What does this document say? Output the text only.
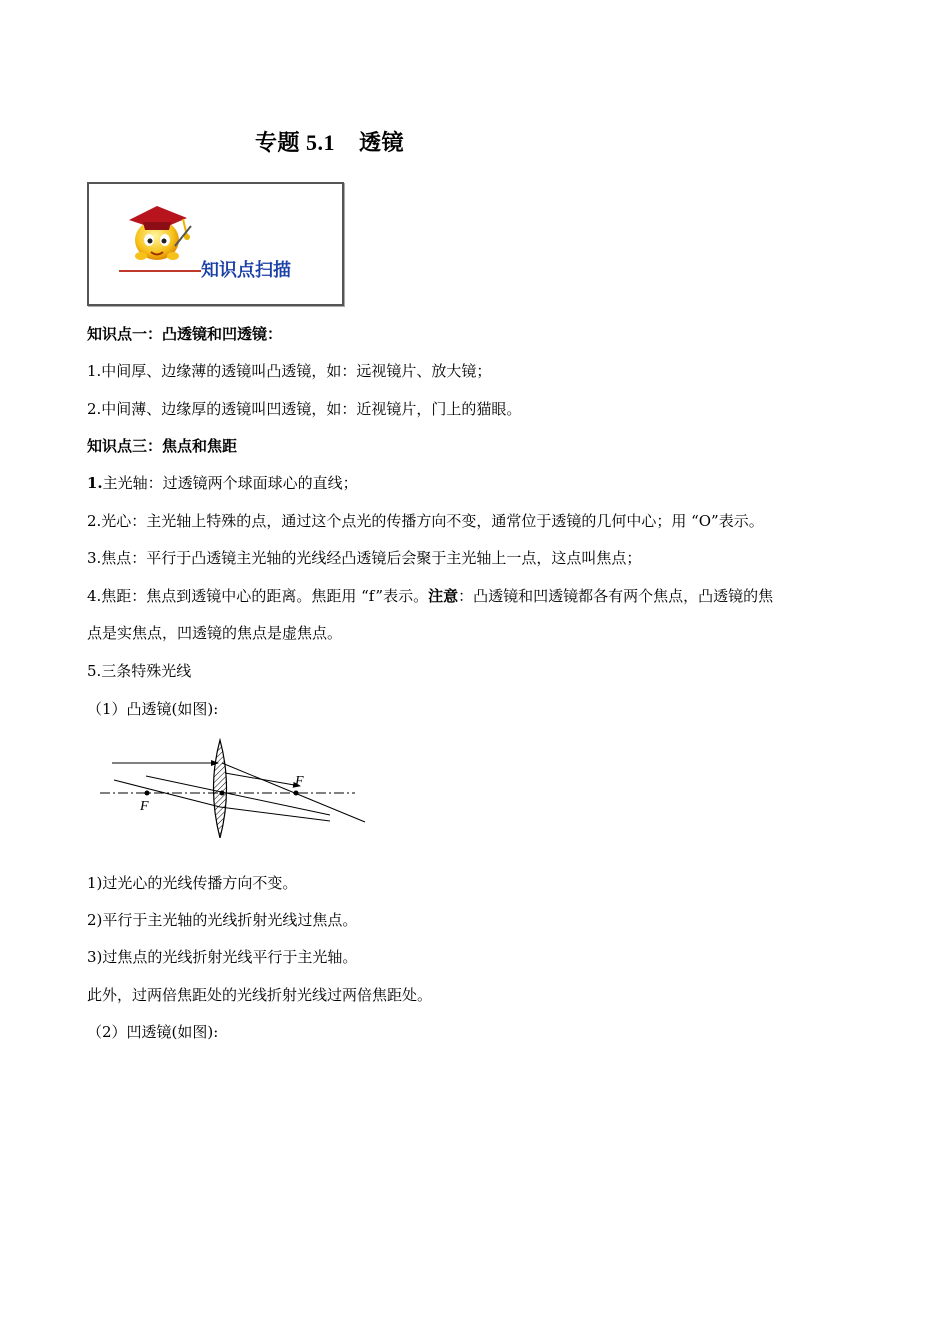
专题 5.1    透镜
知识点扫描
知识点一：凸透镜和凹透镜：
1.中间厚、边缘薄的透镜叫凸透镜，如：远视镜片、放大镜；
2.中间薄、边缘厚的透镜叫凹透镜，如：近视镜片，门上的猫眼。
知识点三：焦点和焦距
1.主光轴：过透镜两个球面球心的直线；
2.光心：主光轴上特殊的点，通过这个点光的传播方向不变，通常位于透镜的几何中心；用 “O”表示。
3.焦点：平行于凸透镜主光轴的光线经凸透镜后会聚于主光轴上一点，这点叫焦点；
4.焦距：焦点到透镜中心的距离。焦距用 “f”表示。注意：凸透镜和凹透镜都各有两个焦点，凸透镜的焦
点是实焦点，凹透镜的焦点是虚焦点。
5.三条特殊光线
（1）凸透镜(如图):
F
F
1)过光心的光线传播方向不变。
2)平行于主光轴的光线折射光线过焦点。
3)过焦点的光线折射光线平行于主光轴。
此外，过两倍焦距处的光线折射光线过两倍焦距处。
（2）凹透镜(如图):
